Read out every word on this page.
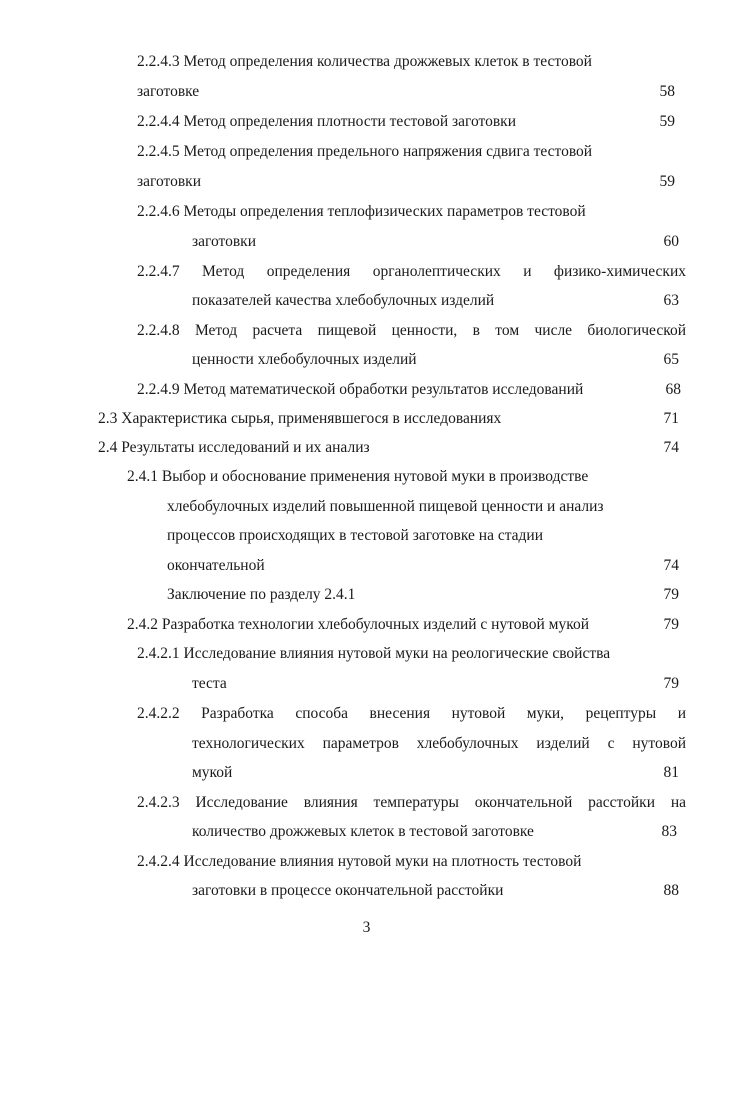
2.2.4.3 Метод определения количества дрожжевых клеток в тестовой
заготовке	58
2.2.4.4 Метод определения плотности тестовой заготовки	59
2.2.4.5 Метод определения предельного напряжения сдвига тестовой
заготовки	59
2.2.4.6 Методы определения теплофизических параметров тестовой
заготовки	60
2.2.4.7 Метод определения органолептических и физико-химических
показателей качества хлебобулочных изделий	63
2.2.4.8 Метод расчета пищевой ценности, в том числе биологической
ценности хлебобулочных изделий	65
2.2.4.9 Метод математической обработки результатов исследований	68
2.3 Характеристика сырья, применявшегося в исследованиях	71
2.4 Результаты исследований и их анализ	74
2.4.1 Выбор и обоснование применения нутовой муки в производстве
хлебобулочных изделий повышенной пищевой ценности и анализ
процессов происходящих в тестовой заготовке на стадии
окончательной	74
Заключение по разделу 2.4.1	79
2.4.2 Разработка технологии хлебобулочных изделий с нутовой мукой	79
2.4.2.1 Исследование влияния нутовой муки на реологические свойства
теста	79
2.4.2.2 Разработка способа внесения нутовой муки, рецептуры и
технологических параметров хлебобулочных изделий с нутовой
мукой	81
2.4.2.3 Исследование влияния температуры окончательной расстойки на
количество дрожжевых клеток в тестовой заготовке	83
2.4.2.4 Исследование влияния нутовой муки на плотность тестовой
заготовки в процессе окончательной расстойки	88
3
